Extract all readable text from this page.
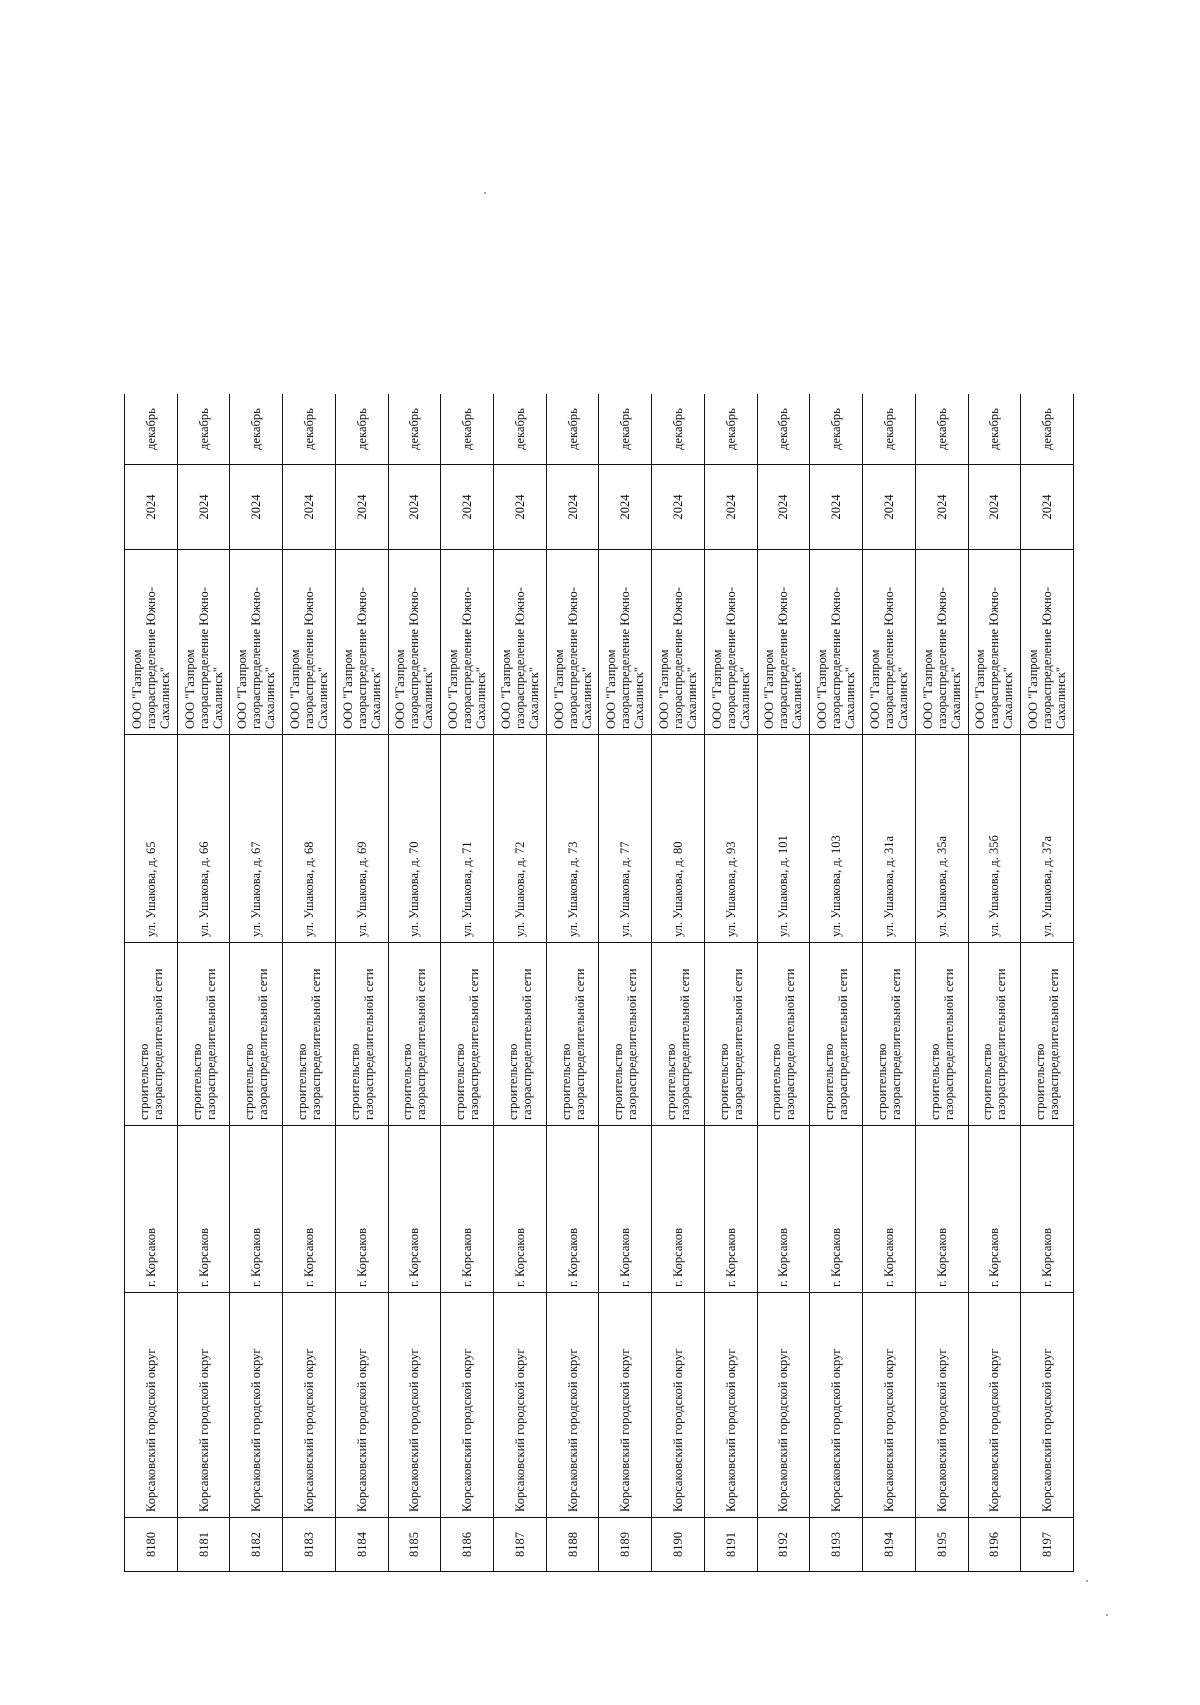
8180	Корсаковский городской округ	г. Корсаков	строительство газораспределительной сети	ул. Ушакова, д. 65	ООО "Газпром газораспределение Южно-Сахалинск"	2024	декабрь
8181	Корсаковский городской округ	г. Корсаков	строительство газораспределительной сети	ул. Ушакова, д. 66	ООО "Газпром газораспределение Южно-Сахалинск"	2024	декабрь
8182	Корсаковский городской округ	г. Корсаков	строительство газораспределительной сети	ул. Ушакова, д. 67	ООО "Газпром газораспределение Южно-Сахалинск"	2024	декабрь
8183	Корсаковский городской округ	г. Корсаков	строительство газораспределительной сети	ул. Ушакова, д. 68	ООО "Газпром газораспределение Южно-Сахалинск"	2024	декабрь
8184	Корсаковский городской округ	г. Корсаков	строительство газораспределительной сети	ул. Ушакова, д. 69	ООО "Газпром газораспределение Южно-Сахалинск"	2024	декабрь
8185	Корсаковский городской округ	г. Корсаков	строительство газораспределительной сети	ул. Ушакова, д. 70	ООО "Газпром газораспределение Южно-Сахалинск"	2024	декабрь
8186	Корсаковский городской округ	г. Корсаков	строительство газораспределительной сети	ул. Ушакова, д. 71	ООО "Газпром газораспределение Южно-Сахалинск"	2024	декабрь
8187	Корсаковский городской округ	г. Корсаков	строительство газораспределительной сети	ул. Ушакова, д. 72	ООО "Газпром газораспределение Южно-Сахалинск"	2024	декабрь
8188	Корсаковский городской округ	г. Корсаков	строительство газораспределительной сети	ул. Ушакова, д. 73	ООО "Газпром газораспределение Южно-Сахалинск"	2024	декабрь
8189	Корсаковский городской округ	г. Корсаков	строительство газораспределительной сети	ул. Ушакова, д. 77	ООО "Газпром газораспределение Южно-Сахалинск"	2024	декабрь
8190	Корсаковский городской округ	г. Корсаков	строительство газораспределительной сети	ул. Ушакова, д. 80	ООО "Газпром газораспределение Южно-Сахалинск"	2024	декабрь
8191	Корсаковский городской округ	г. Корсаков	строительство газораспределительной сети	ул. Ушакова, д. 93	ООО "Газпром газораспределение Южно-Сахалинск"	2024	декабрь
8192	Корсаковский городской округ	г. Корсаков	строительство газораспределительной сети	ул. Ушакова, д. 101	ООО "Газпром газораспределение Южно-Сахалинск"	2024	декабрь
8193	Корсаковский городской округ	г. Корсаков	строительство газораспределительной сети	ул. Ушакова, д. 103	ООО "Газпром газораспределение Южно-Сахалинск"	2024	декабрь
8194	Корсаковский городской округ	г. Корсаков	строительство газораспределительной сети	ул. Ушакова, д. 31а	ООО "Газпром газораспределение Южно-Сахалинск"	2024	декабрь
8195	Корсаковский городской округ	г. Корсаков	строительство газораспределительной сети	ул. Ушакова, д. 35а	ООО "Газпром газораспределение Южно-Сахалинск"	2024	декабрь
8196	Корсаковский городской округ	г. Корсаков	строительство газораспределительной сети	ул. Ушакова, д. 35б	ООО "Газпром газораспределение Южно-Сахалинск"	2024	декабрь
8197	Корсаковский городской округ	г. Корсаков	строительство газораспределительной сети	ул. Ушакова, д. 37а	ООО "Газпром газораспределение Южно-Сахалинск"	2024	декабрь
